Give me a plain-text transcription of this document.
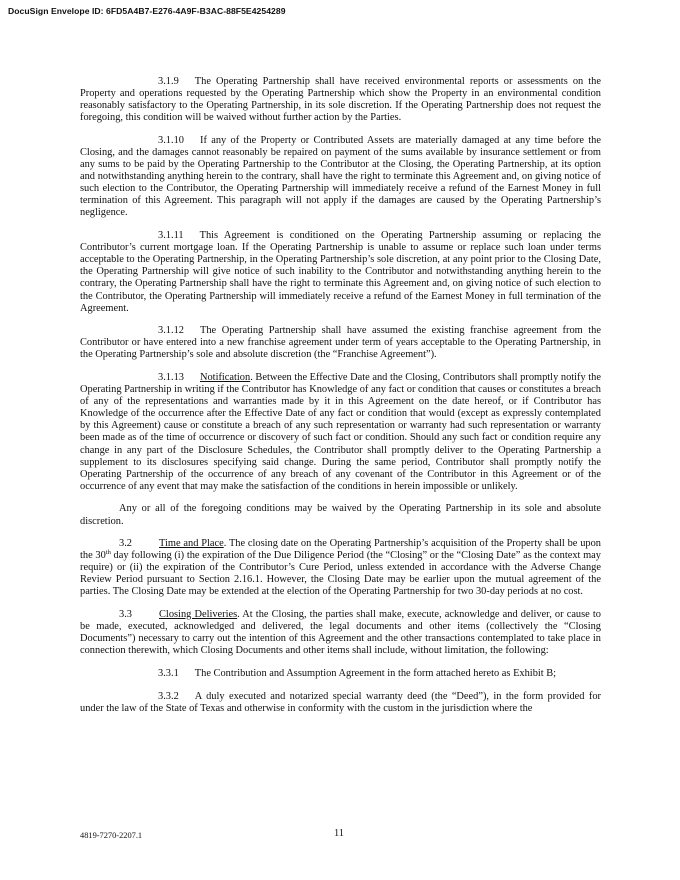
DocuSign Envelope ID: 6FD5A4B7-E276-4A9F-B3AC-88F5E4254289

3.1.9 The Operating Partnership shall have received environmental reports or assessments on the Property and operations requested by the Operating Partnership which show the Property in an environmental condition reasonably satisfactory to the Operating Partnership, in its sole discretion. If the Operating Partnership does not request the foregoing, this condition will be waived without further action by the Parties.

3.1.10 If any of the Property or Contributed Assets are materially damaged at any time before the Closing, and the damages cannot reasonably be repaired on payment of the sums available by insurance settlement or from any sums to be paid by the Operating Partnership to the Contributor at the Closing, the Operating Partnership, at its option and notwithstanding anything herein to the contrary, shall have the right to terminate this Agreement and, on giving notice of such election to the Contributor, the Operating Partnership will immediately receive a refund of the Earnest Money in full termination of this Agreement. This paragraph will not apply if the damages are caused by the Operating Partnership’s negligence.

3.1.11 This Agreement is conditioned on the Operating Partnership assuming or replacing the Contributor’s current mortgage loan. If the Operating Partnership is unable to assume or replace such loan under terms acceptable to the Operating Partnership, in the Operating Partnership’s sole discretion, at any point prior to the Closing Date, the Operating Partnership will give notice of such inability to the Contributor and notwithstanding anything herein to the contrary, the Operating Partnership shall have the right to terminate this Agreement and, on giving notice of such election to the Contributor, the Operating Partnership will immediately receive a refund of the Earnest Money in full termination of the Agreement.

3.1.12 The Operating Partnership shall have assumed the existing franchise agreement from the Contributor or have entered into a new franchise agreement under term of years acceptable to the Operating Partnership, in the Operating Partnership’s sole and absolute discretion (the “Franchise Agreement”).

3.1.13 Notification. Between the Effective Date and the Closing, Contributors shall promptly notify the Operating Partnership in writing if the Contributor has Knowledge of any fact or condition that causes or constitutes a breach of any of the representations and warranties made by it in this Agreement on the date hereof, or if Contributor has Knowledge of the occurrence after the Effective Date of any fact or condition that would (except as expressly contemplated by this Agreement) cause or constitute a breach of any such representation or warranty had such representation or warranty been made as of the time of occurrence or discovery of such fact or condition. Should any such fact or condition require any change in any part of the Disclosure Schedules, the Contributor shall promptly deliver to the Operating Partnership a supplement to its disclosures specifying said change. During the same period, Contributor shall promptly notify the Operating Partnership of the occurrence of any breach of any covenant of the Contributor in this Agreement or of the occurrence of any event that may make the satisfaction of the conditions in herein impossible or unlikely.

Any or all of the foregoing conditions may be waived by the Operating Partnership in its sole and absolute discretion.

3.2	Time and Place. The closing date on the Operating Partnership’s acquisition of the Property shall be upon the 30th day following (i) the expiration of the Due Diligence Period (the “Closing” or the “Closing Date” as the context may require) or (ii) the expiration of the Contributor’s Cure Period, unless extended in accordance with the Adverse Change Review Period pursuant to Section 2.16.1. However, the Closing Date may be earlier upon the mutual agreement of the parties. The Closing Date may be extended at the election of the Operating Partnership for two 30-day periods at no cost.

3.3	Closing Deliveries. At the Closing, the parties shall make, execute, acknowledge and deliver, or cause to be made, executed, acknowledged and delivered, the legal documents and other items (collectively the “Closing Documents”) necessary to carry out the intention of this Agreement and the other transactions contemplated to take place in connection therewith, which Closing Documents and other items shall include, without limitation, the following:

3.3.1 The Contribution and Assumption Agreement in the form attached hereto as Exhibit B;

3.3.2 A duly executed and notarized special warranty deed (the “Deed”), in the form provided for under the law of the State of Texas and otherwise in conformity with the custom in the jurisdiction where the

4819-7270-2207.1	11
